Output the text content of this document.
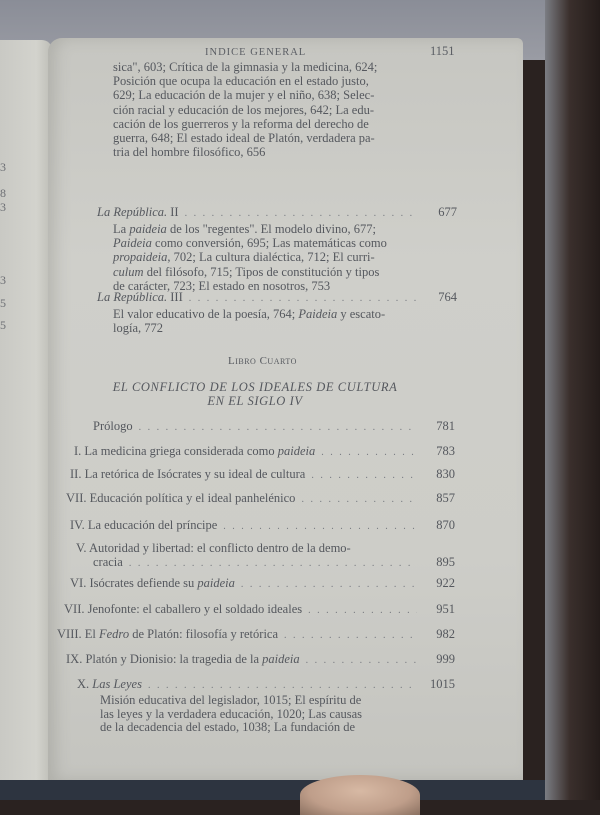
3
8
3
3
5
5
INDICE GENERAL	1151
sica", 603; Crítica de la gimnasia y la medicina, 624;
Posición que ocupa la educación en el estado justo,
629; La educación de la mujer y el niño, 638; Selec-
ción racial y educación de los mejores, 642; La edu-
cación de los guerreros y la reforma del derecho de
guerra, 648; El estado ideal de Platón, verdadera pa-
tria del hombre filosófico, 656
La República. II . . .	677
La paideia de los "regentes". El modelo divino, 677;
Paideia como conversión, 695; Las matemáticas como
propaideia, 702; La cultura dialéctica, 712; El curri-
culum del filósofo, 715; Tipos de constitución y tipos
de carácter, 723; El estado en nosotros, 753
La República. III . . .	764
El valor educativo de la poesía, 764; Paideia y escato-
logía, 772
Libro Cuarto
EL CONFLICTO DE LOS IDEALES DE CULTURA
EN EL SIGLO IV
Prólogo . . .	781
I. La medicina griega considerada como paideia . . .	783
II. La retórica de Isócrates y su ideal de cultura . . .	830
VII. Educación política y el ideal panhelénico . . .	857
IV. La educación del príncipe . . .	870
V. Autoridad y libertad: el conflicto dentro de la demo-
cracia . . .	895
VI. Isócrates defiende su paideia . . .	922
VII. Jenofonte: el caballero y el soldado ideales . . .	951
VIII. El Fedro de Platón: filosofía y retórica . . .	982
IX. Platón y Dionisio: la tragedia de la paideia . . .	999
X. Las Leyes . . .	1015
Misión educativa del legislador, 1015; El espíritu de
las leyes y la verdadera educación, 1020; Las causas
de la decadencia del estado, 1038; La fundación de
